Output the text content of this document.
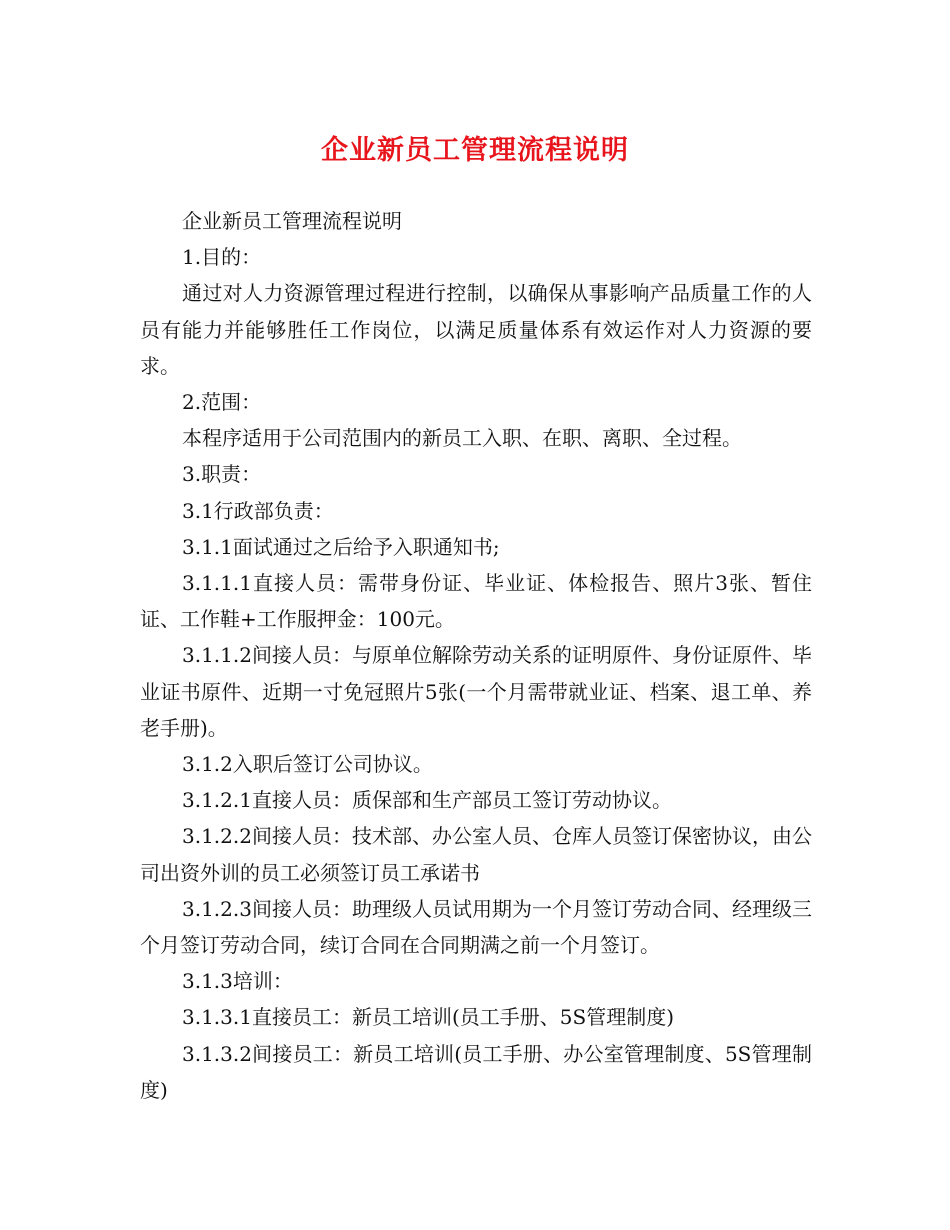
企业新员工管理流程说明

企业新员工管理流程说明

1.目的：

通过对人力资源管理过程进行控制，以确保从事影响产品质量工作的人员有能力并能够胜任工作岗位，以满足质量体系有效运作对人力资源的要求。

2.范围：

本程序适用于公司范围内的新员工入职、在职、离职、全过程。

3.职责：

3.1行政部负责：

3.1.1面试通过之后给予入职通知书;

3.1.1.1直接人员：需带身份证、毕业证、体检报告、照片3张、暂住证、工作鞋+工作服押金：100元。

3.1.1.2间接人员：与原单位解除劳动关系的证明原件、身份证原件、毕业证书原件、近期一寸免冠照片5张(一个月需带就业证、档案、退工单、养老手册)。

3.1.2入职后签订公司协议。

3.1.2.1直接人员：质保部和生产部员工签订劳动协议。

3.1.2.2间接人员：技术部、办公室人员、仓库人员签订保密协议，由公司出资外训的员工必须签订员工承诺书

3.1.2.3间接人员：助理级人员试用期为一个月签订劳动合同、经理级三个月签订劳动合同，续订合同在合同期满之前一个月签订。

3.1.3培训：

3.1.3.1直接员工：新员工培训(员工手册、5S管理制度)

3.1.3.2间接员工：新员工培训(员工手册、办公室管理制度、5S管理制度)
